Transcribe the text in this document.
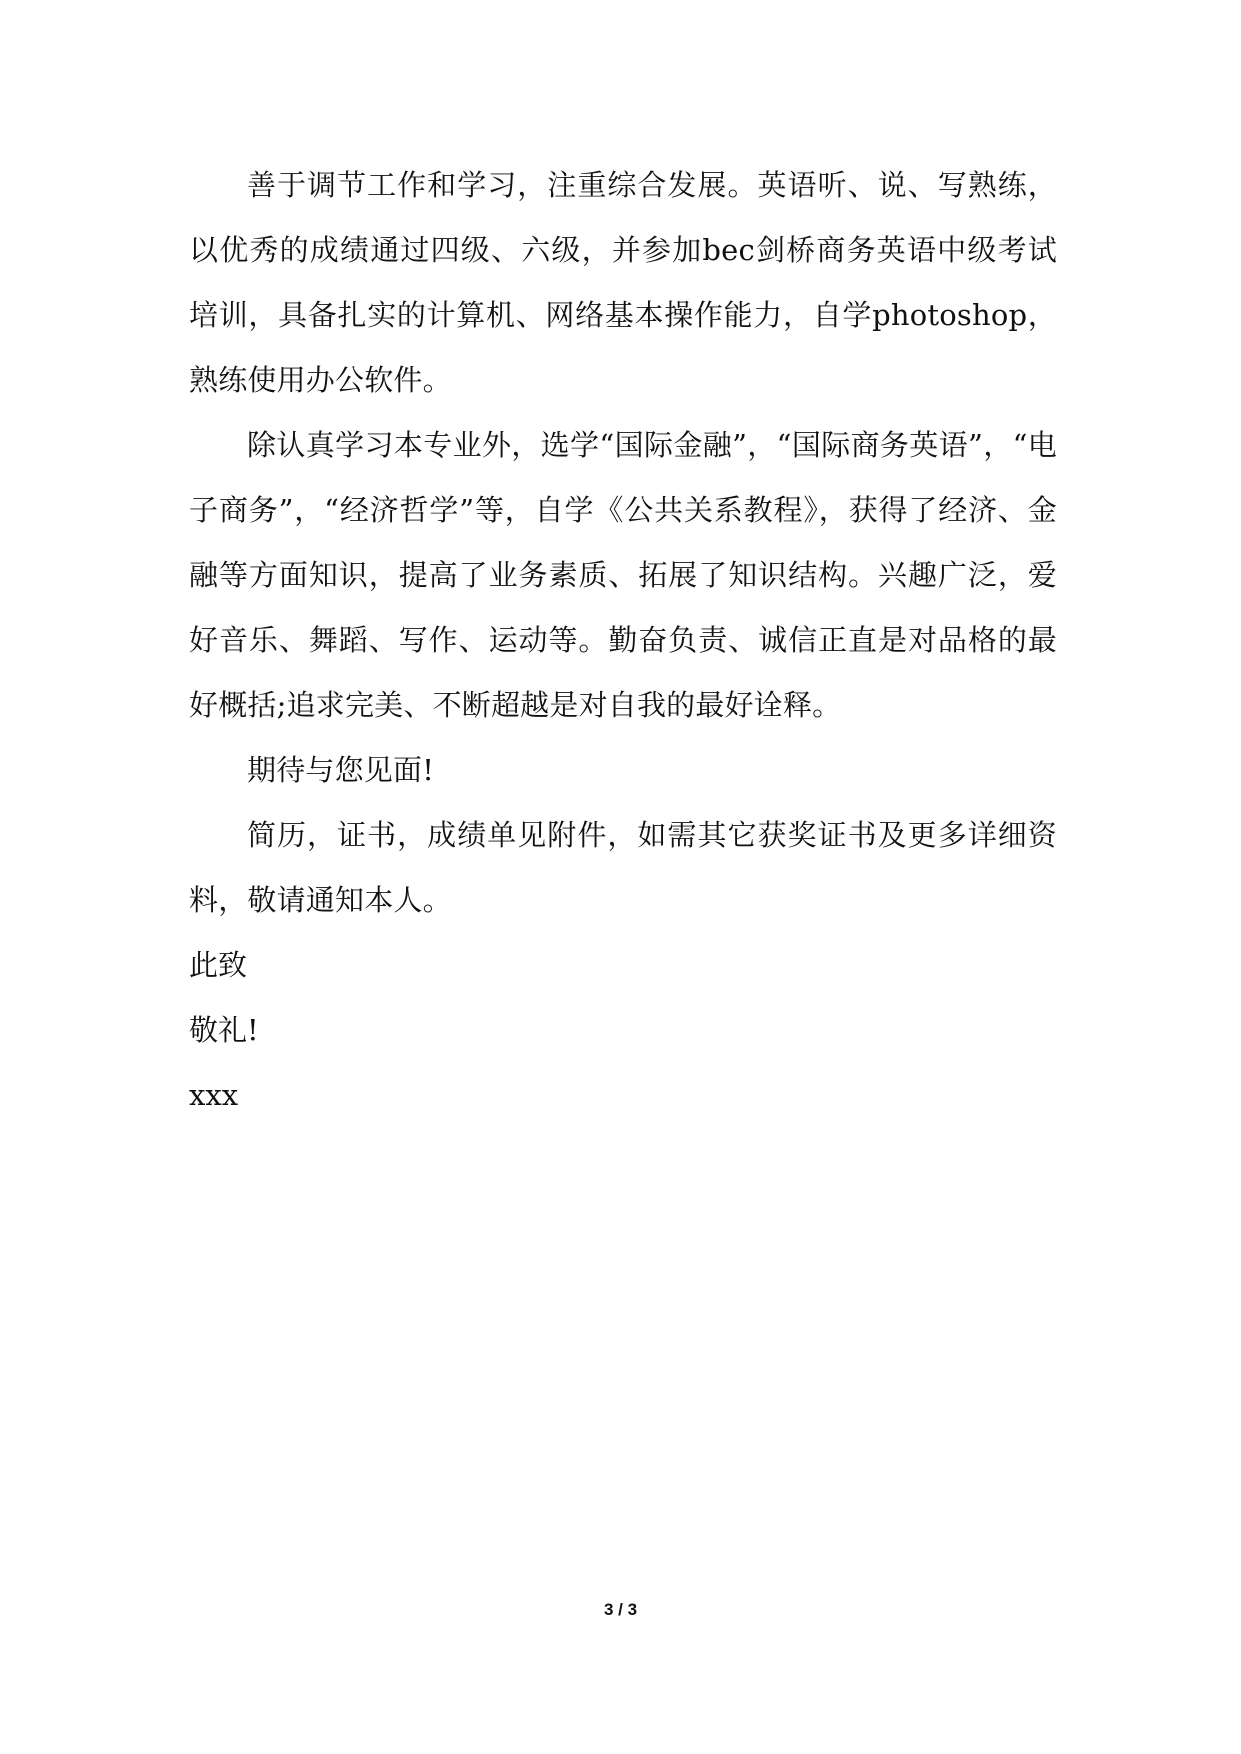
善于调节工作和学习，注重综合发展。英语听、说、写熟练，以优秀的成绩通过四级、六级，并参加bec剑桥商务英语中级考试培训，具备扎实的计算机、网络基本操作能力，自学photoshop，熟练使用办公软件。

除认真学习本专业外，选学“国际金融”，“国际商务英语”，“电子商务”，“经济哲学”等，自学《公共关系教程》，获得了经济、金融等方面知识，提高了业务素质、拓展了知识结构。兴趣广泛，爱好音乐、舞蹈、写作、运动等。勤奋负责、诚信正直是对品格的最好概括;追求完美、不断超越是对自我的最好诠释。

期待与您见面!

简历，证书，成绩单见附件，如需其它获奖证书及更多详细资料，敬请通知本人。

此致

敬礼!

xxx

3 / 3
